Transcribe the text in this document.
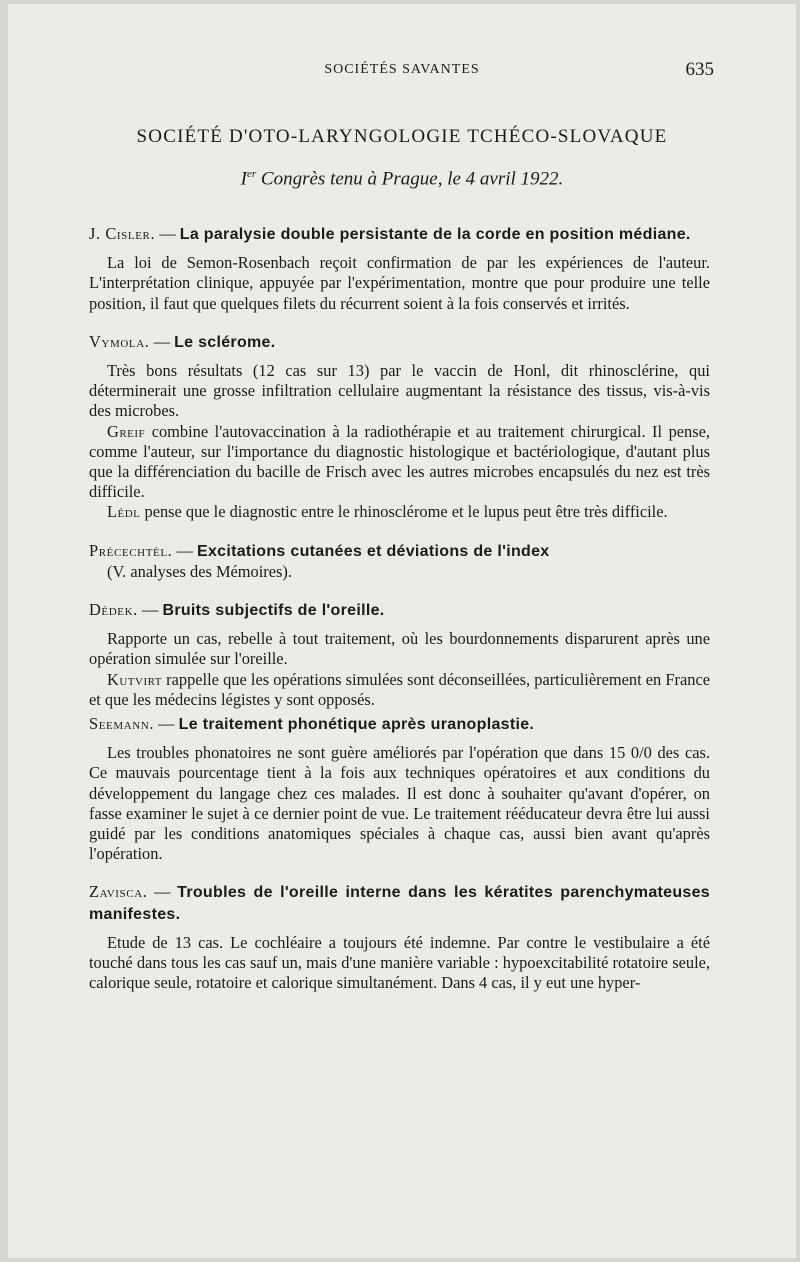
SOCIÉTÉS SAVANTES	635
SOCIÉTÉ D'OTO-LARYNGOLOGIE TCHÉCO-SLOVAQUE
Ier Congrès tenu à Prague, le 4 avril 1922.

J. Cisler. — La paralysie double persistante de la corde en position médiane.

La loi de Semon-Rosenbach reçoit confirmation de par les expériences de l'auteur. L'interprétation clinique, appuyée par l'expérimentation, montre que pour produire une telle position, il faut que quelques filets du récurrent soient à la fois conservés et irrités.

Vymola. — Le sclérome.

Très bons résultats (12 cas sur 13) par le vaccin de Honl, dit rhinosclérine, qui déterminerait une grosse infiltration cellulaire augmentant la résistance des tissus, vis-à-vis des microbes.

Greif combine l'autovaccination à la radiothérapie et au traitement chirurgical. Il pense, comme l'auteur, sur l'importance du diagnostic histologique et bactériologique, d'autant plus que la différenciation du bacille de Frisch avec les autres microbes encapsulés du nez est très difficile.

Lédl pense que le diagnostic entre le rhinosclérome et le lupus peut être très difficile.

Précechtèl. — Excitations cutanées et déviations de l'index

(V. analyses des Mémoires).

Dédek. — Bruits subjectifs de l'oreille.

Rapporte un cas, rebelle à tout traitement, où les bourdonnements disparurent après une opération simulée sur l'oreille.

Kutvirt rappelle que les opérations simulées sont déconseillées, particulièrement en France et que les médecins légistes y sont opposés.

Seemann. — Le traitement phonétique après uranoplastie.

Les troubles phonatoires ne sont guère améliorés par l'opération que dans 15 0/0 des cas. Ce mauvais pourcentage tient à la fois aux techniques opératoires et aux conditions du développement du langage chez ces malades. Il est donc à souhaiter qu'avant d'opérer, on fasse examiner le sujet à ce dernier point de vue. Le traitement rééducateur devra être lui aussi guidé par les conditions anatomiques spéciales à chaque cas, aussi bien avant qu'après l'opération.

Zavisca. — Troubles de l'oreille interne dans les kératites parenchymateuses manifestes.

Etude de 13 cas. Le cochléaire a toujours été indemne. Par contre le vestibulaire a été touché dans tous les cas sauf un, mais d'une manière variable : hypoexcitabilité rotatoire seule, calorique seule, rotatoire et calorique simultanément. Dans 4 cas, il y eut une hyper-
